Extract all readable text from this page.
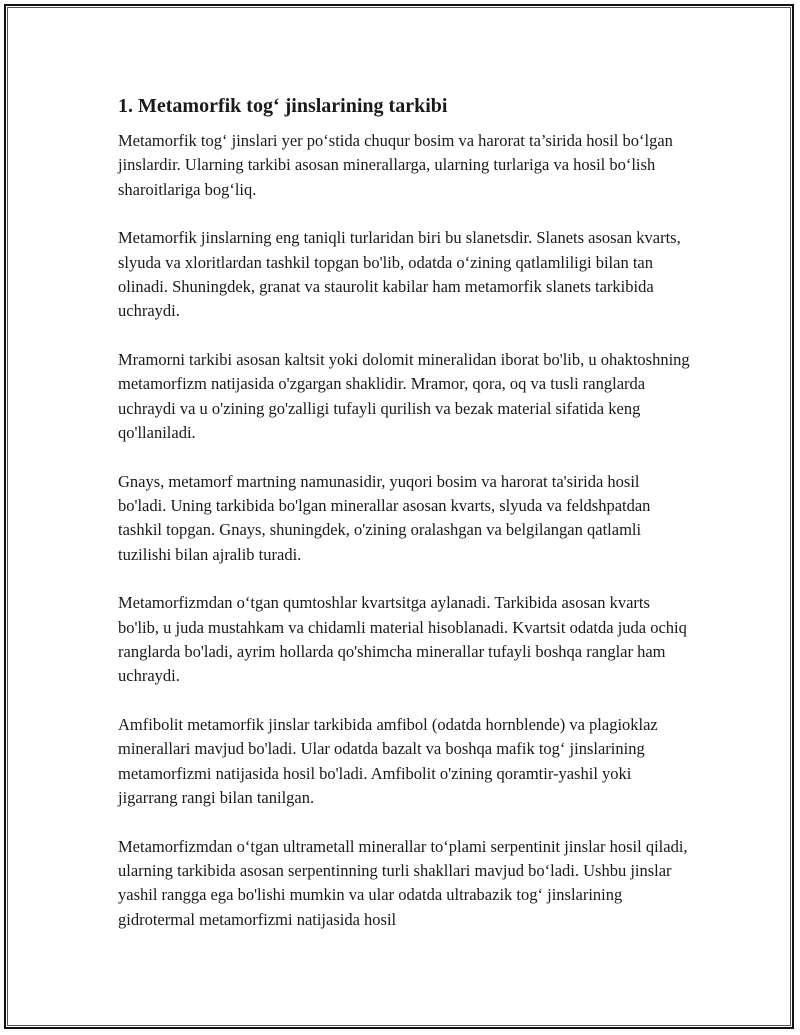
1. Metamorfik tog‘ jinslarining tarkibi

Metamorfik tog‘ jinslari yer po‘stida chuqur bosim va harorat ta’sirida hosil bo‘lgan jinslardir. Ularning tarkibi asosan minerallarga, ularning turlariga va hosil bo‘lish sharoitlariga bog‘liq.

Metamorfik jinslarning eng taniqli turlaridan biri bu slanetsdir. Slanets asosan kvarts, slyuda va xloritlardan tashkil topgan bo'lib, odatda o‘zining qatlamliligi bilan tan olinadi. Shuningdek, granat va staurolit kabilar ham metamorfik slanets tarkibida uchraydi.

Mramorni tarkibi asosan kaltsit yoki dolomit mineralidan iborat bo'lib, u ohaktoshning metamorfizm natijasida o'zgargan shaklidir. Mramor, qora, oq va tusli ranglarda uchraydi va u o'zining go'zalligi tufayli qurilish va bezak material sifatida keng qo'llaniladi.

Gnays, metamorf martning namunasidir, yuqori bosim va harorat ta'sirida hosil bo'ladi. Uning tarkibida bo'lgan minerallar asosan kvarts, slyuda va feldshpatdan tashkil topgan. Gnays, shuningdek, o'zining oralashgan va belgilangan qatlamli tuzilishi bilan ajralib turadi.

Metamorfizmdan o‘tgan qumtoshlar kvartsitga aylanadi. Tarkibida asosan kvarts bo'lib, u juda mustahkam va chidamli material hisoblanadi. Kvartsit odatda juda ochiq ranglarda bo'ladi, ayrim hollarda qo'shimcha minerallar tufayli boshqa ranglar ham uchraydi.

Amfibolit metamorfik jinslar tarkibida amfibol (odatda hornblende) va plagioklaz minerallari mavjud bo'ladi. Ular odatda bazalt va boshqa mafik tog‘ jinslarining metamorfizmi natijasida hosil bo'ladi. Amfibolit o'zining qoramtir-yashil yoki jigarrang rangi bilan tanilgan.

Metamorfizmdan o‘tgan ultrametall minerallar to‘plami serpentinit jinslar hosil qiladi, ularning tarkibida asosan serpentinning turli shakllari mavjud bo‘ladi. Ushbu jinslar yashil rangga ega bo'lishi mumkin va ular odatda ultrabazik tog‘ jinslarining gidrotermal metamorfizmi natijasida hosil
